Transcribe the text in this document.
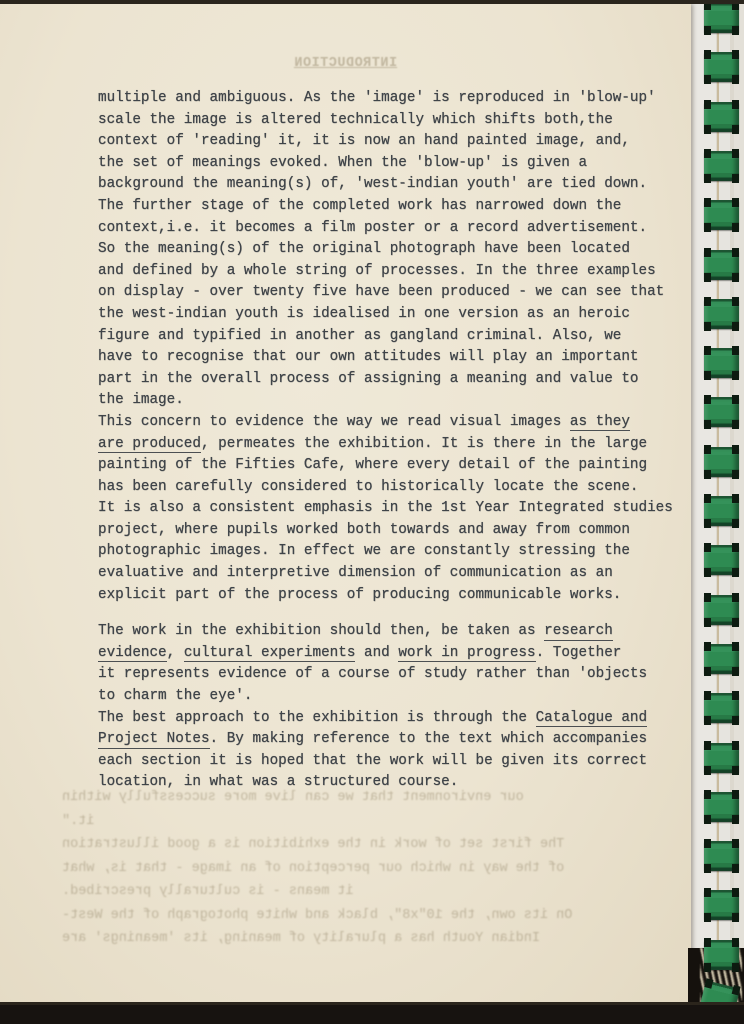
INTRODUCTION
multiple and ambiguous. As the 'image' is reproduced in 'blow-up'
scale the image is altered technically which shifts both,the
context of 'reading' it, it is now an hand painted image, and,
the set of meanings evoked. When the 'blow-up' is given a
background the meaning(s) of, 'west-indian youth' are tied down.
The further stage of the completed work has narrowed down the
context,i.e. it becomes a film poster or a record advertisement.
So the meaning(s) of the original photograph have been located
and defined by a whole string of processes. In the three examples
on display - over twenty five have been produced - we can see that
the west-indian youth is idealised in one version as an heroic
figure and typified in another as gangland criminal. Also, we
have to recognise that our own attitudes will play an important
part in the overall process of assigning a meaning and value to
the image.
This concern to evidence the way we read visual images as they
are produced, permeates the exhibition. It is there in the large
painting of the Fifties Cafe, where every detail of the painting
has been carefully considered to historically locate the scene.
It is also a consistent emphasis in the 1st Year Integrated studies
project, where pupils worked both towards and away from common
photographic images. In effect we are constantly stressing the
evaluative and interpretive dimension of communication as an
explicit part of the process of producing communicable works.
The work in the exhibition should then, be taken as research
evidence, cultural experiments and work in progress. Together
it represents evidence of a course of study rather than 'objects
to charm the eye'.
The best approach to the exhibition is through the Catalogue and
Project Notes. By making reference to the text which accompanies
each section it is hoped that the work will be given its correct
location, in what was a structured course.
our environment that we can live more successfully within
it."
The first set of work in the exhibition is a good illustration
of the way in which our perception of an image - that is, what
it means - is culturally prescribed.
On its own, the 10"x8", black and white photograph of the West-
Indian Youth has a plurality of meaning, its 'meanings' are
